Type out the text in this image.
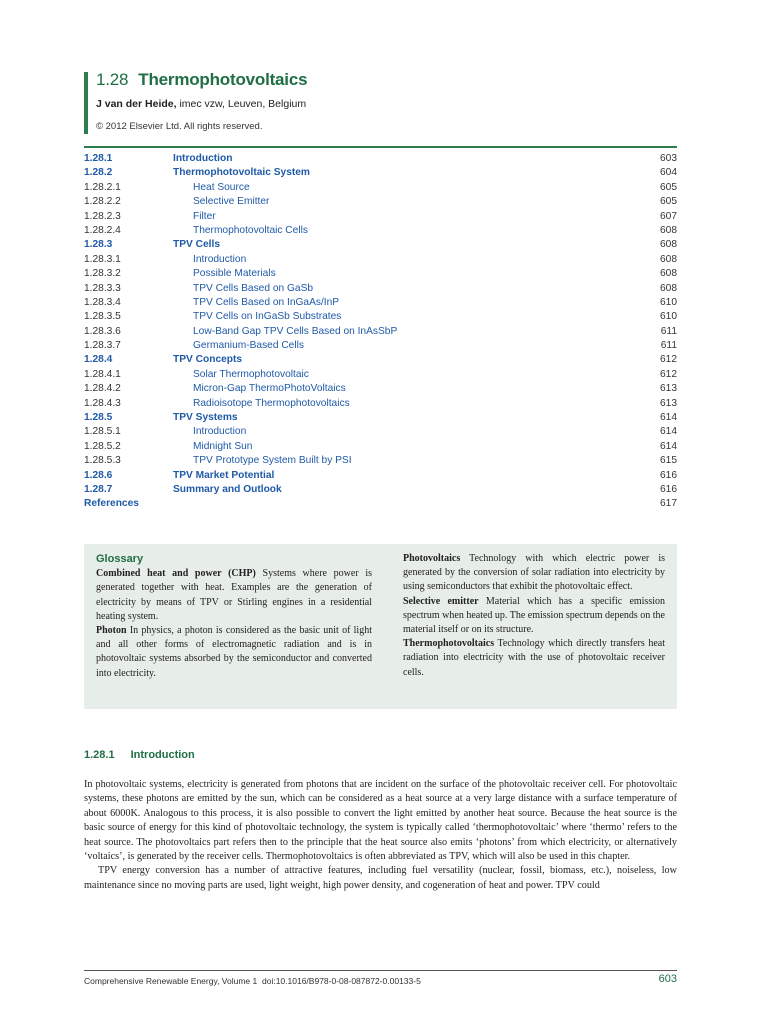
1.28 Thermophotovoltaics
J van der Heide, imec vzw, Leuven, Belgium
© 2012 Elsevier Ltd. All rights reserved.
1.28.1	Introduction	603
1.28.2	Thermophotovoltaic System	604
1.28.2.1	Heat Source	605
1.28.2.2	Selective Emitter	605
1.28.2.3	Filter	607
1.28.2.4	Thermophotovoltaic Cells	608
1.28.3	TPV Cells	608
1.28.3.1	Introduction	608
1.28.3.2	Possible Materials	608
1.28.3.3	TPV Cells Based on GaSb	608
1.28.3.4	TPV Cells Based on InGaAs/InP	610
1.28.3.5	TPV Cells on InGaSb Substrates	610
1.28.3.6	Low-Band Gap TPV Cells Based on InAsSbP	611
1.28.3.7	Germanium-Based Cells	611
1.28.4	TPV Concepts	612
1.28.4.1	Solar Thermophotovoltaic	612
1.28.4.2	Micron-Gap ThermoPhotoVoltaics	613
1.28.4.3	Radioisotope Thermophotovoltaics	613
1.28.5	TPV Systems	614
1.28.5.1	Introduction	614
1.28.5.2	Midnight Sun	614
1.28.5.3	TPV Prototype System Built by PSI	615
1.28.6	TPV Market Potential	616
1.28.7	Summary and Outlook	616
References	617
Glossary

Combined heat and power (CHP) Systems where power is generated together with heat. Examples are the generation of electricity by means of TPV or Stirling engines in a residential heating system.

Photon In physics, a photon is considered as the basic unit of light and all other forms of electromagnetic radiation and is in photovoltaic systems absorbed by the semiconductor and converted into electricity.

Photovoltaics Technology with which electric power is generated by the conversion of solar radiation into electricity by using semiconductors that exhibit the photovoltaic effect.

Selective emitter Material which has a specific emission spectrum when heated up. The emission spectrum depends on the material itself or on its structure.

Thermophotovoltaics Technology which directly transfers heat radiation into electricity with the use of photovoltaic receiver cells.

1.28.1 Introduction

In photovoltaic systems, electricity is generated from photons that are incident on the surface of the photovoltaic receiver cell. For photovoltaic systems, these photons are emitted by the sun, which can be considered as a heat source at a very large distance with a surface temperature of about 6000K. Analogous to this process, it is also possible to convert the light emitted by another heat source. Because the heat source is the basic source of energy for this kind of photovoltaic technology, the system is typically called ‘thermophotovoltaic’ where ‘thermo’ refers to the heat source. The photovoltaics part refers then to the principle that the heat source also emits ‘photons’ from which electricity, or alternatively ‘voltaics’, is generated by the receiver cells. Thermophotovoltaics is often abbreviated as TPV, which will also be used in this chapter.

TPV energy conversion has a number of attractive features, including fuel versatility (nuclear, fossil, biomass, etc.), noiseless, low maintenance since no moving parts are used, light weight, high power density, and cogeneration of heat and power. TPV could

Comprehensive Renewable Energy, Volume 1 doi:10.1016/B978-0-08-087872-0.00133-5	603
